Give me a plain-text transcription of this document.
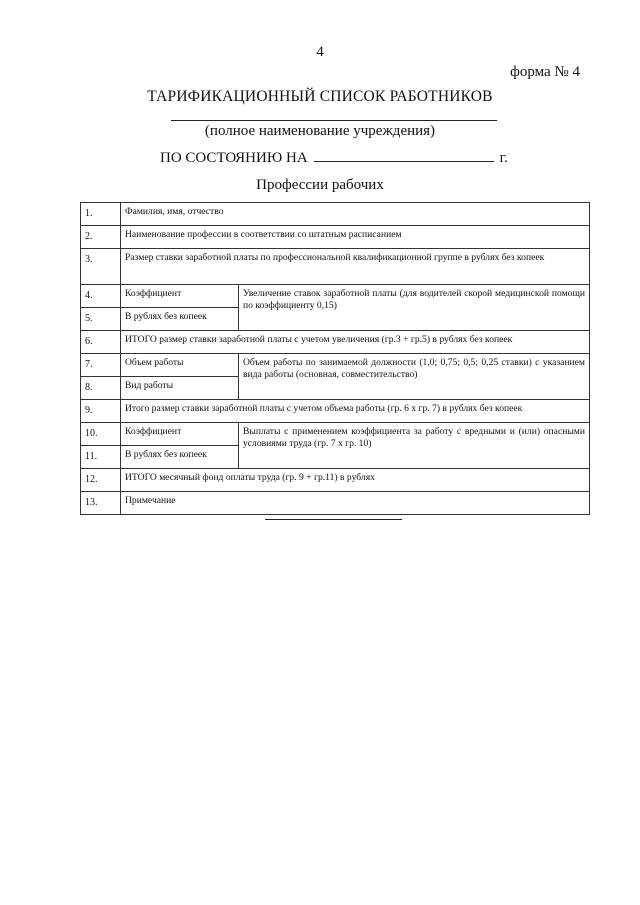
4
форма № 4
ТАРИФИКАЦИОННЫЙ СПИСОК РАБОТНИКОВ
(полное наименование учреждения)
ПО СОСТОЯНИЮ НА	г.
Профессии рабочих
1.	Фамилия, имя, отчество	
2.	Наименование профессии в соответствии со штатным расписанием	
3.	Размер ставки заработной платы по профессиональной квалификационной группе в рублях без копеек	
4.	Коэффициент	Увеличение ставок заработной платы (для водителей скорой медицинской помощи по коэффициенту 0,15)
5.	В рублях без копеек	
6.	ИТОГО размер ставки заработной платы с учетом увеличения (гр.3 + гр.5) в рублях без копеек	
7.	Объем работы	Объем работы по занимаемой должности (1,0; 0,75; 0,5; 0,25 ставки) с указанием вида работы (основная, совместительство)
8.	Вид работы	
9.	Итого размер ставки заработной платы с учетом объема работы (гр. 6 х гр. 7) в рублях без копеек	
10.	Коэффициент	Выплаты с применением коэффициента за работу с вредными и (или) опасными условиями труда (гр. 7 х гр. 10)
11.	В рублях без копеек	
12.	ИТОГО месячный фонд оплаты труда (гр. 9 + гр.11) в рублях	
13.	Примечание	
